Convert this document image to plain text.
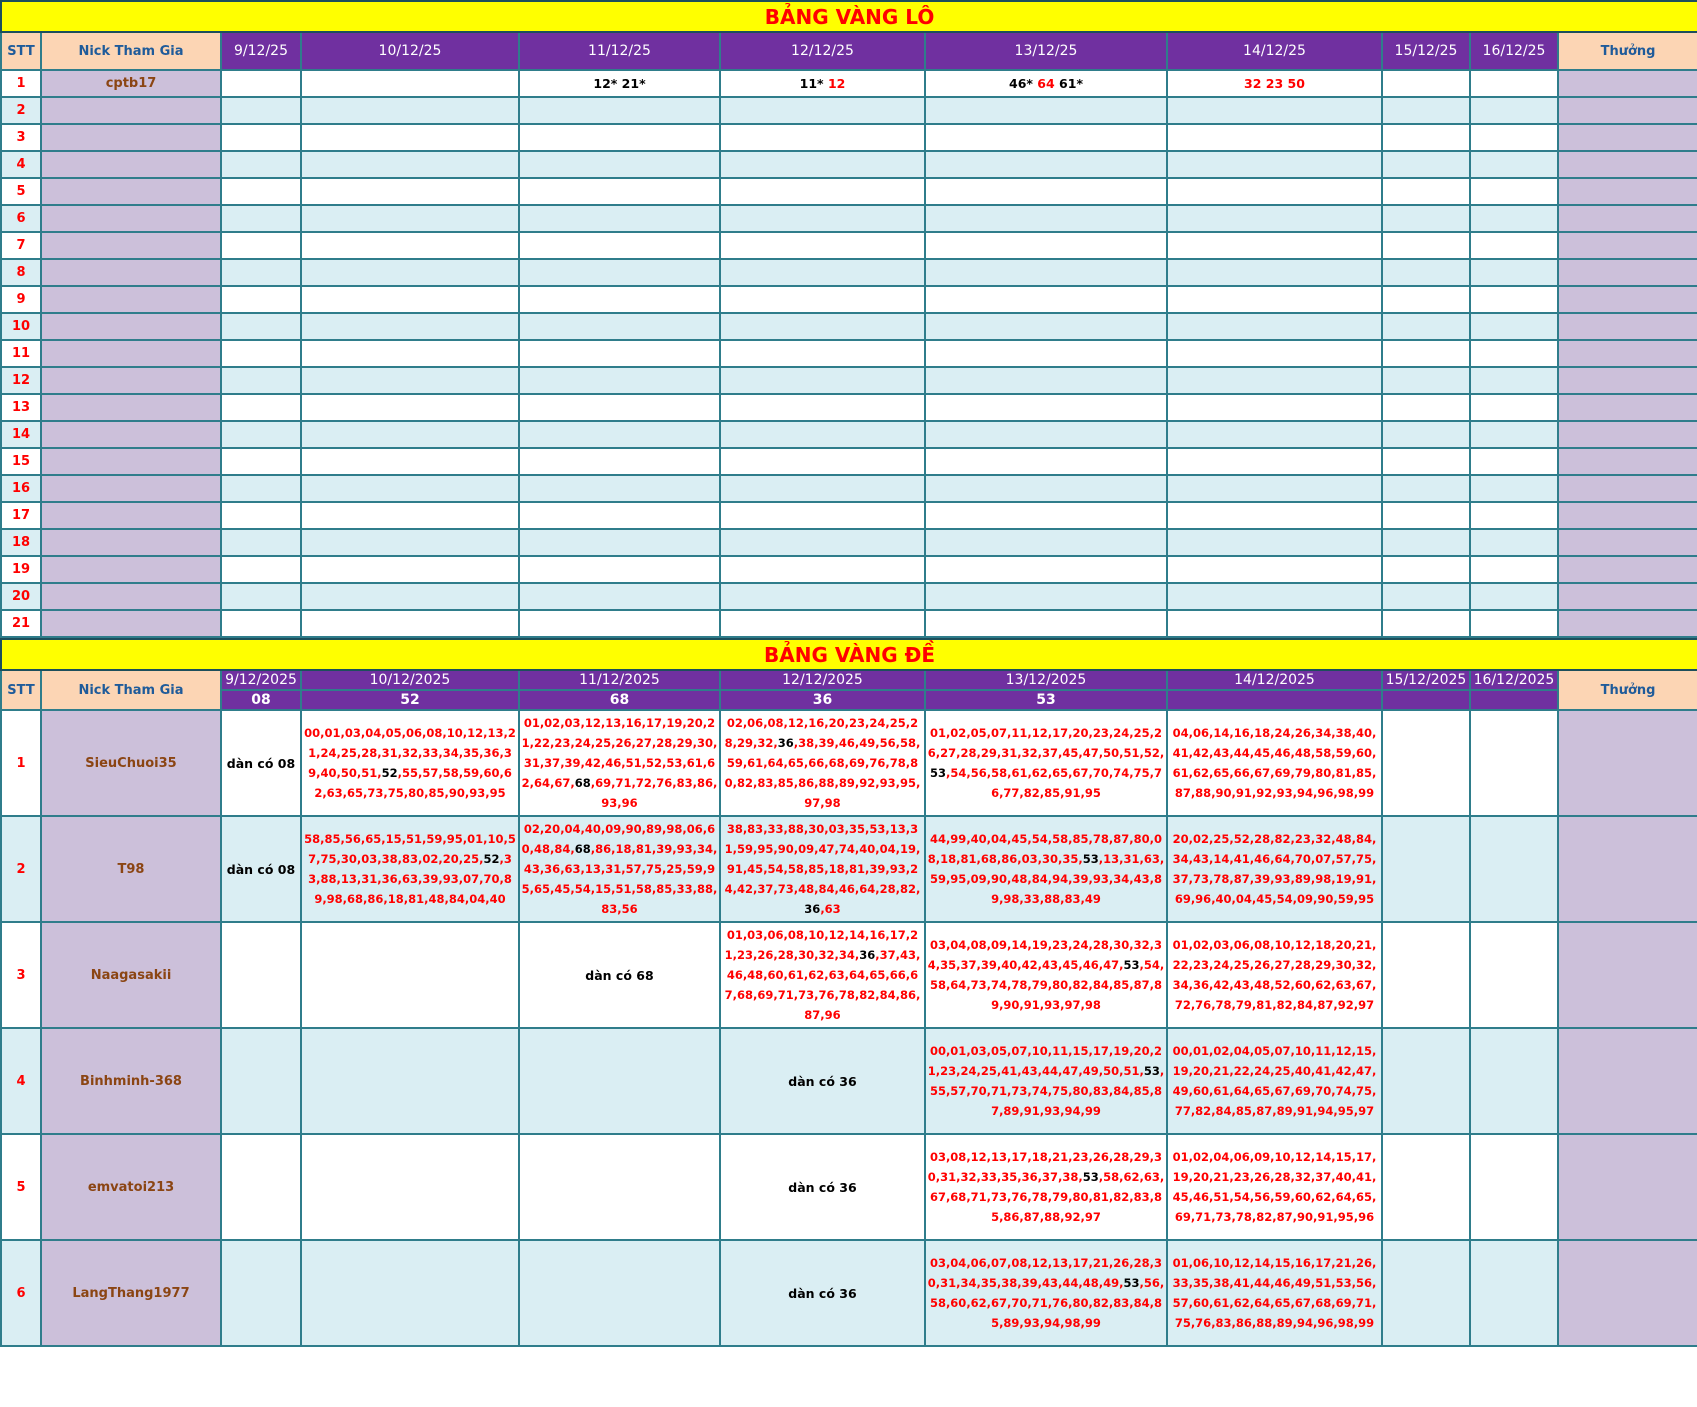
BẢNG VÀNG LÔ										
STT	Nick Tham Gia	9/12/25	10/12/25	11/12/25	12/12/25	13/12/25	14/12/25	15/12/25	16/12/25	Thưởng
1	cptb17			12* 21*	11* 12	46* 64 61*	32 23 50			
2										
3										
4										
5										
6										
7										
8										
9										
10										
11										
12										
13										
14										
15										
16										
17										
18										
19										
20										
21										
BẢNG VÀNG ĐỀ										
STT	Nick Tham Gia	9/12/2025	10/12/2025	11/12/2025	12/12/2025	13/12/2025	14/12/2025	15/12/2025	16/12/2025	Thưởng
		08	52	68	36	53				
1	SieuChuoi35	dàn có 08	00,01,03,04,05,06,08,10,12,13,21,24,25,28,31,32,33,34,35,36,39,40,50,51,52,55,57,58,59,60,62,63,65,73,75,80,85,90,93,95	01,02,03,12,13,16,17,19,20,21,22,23,24,25,26,27,28,29,30,31,37,39,42,46,51,52,53,61,62,64,67,68,69,71,72,76,83,86,93,96	02,06,08,12,16,20,23,24,25,28,29,32,36,38,39,46,49,56,58,59,61,64,65,66,68,69,76,78,80,82,83,85,86,88,89,92,93,95,97,98	01,02,05,07,11,12,17,20,23,24,25,26,27,28,29,31,32,37,45,47,50,51,52,53,54,56,58,61,62,65,67,70,74,75,76,77,82,85,91,95	04,06,14,16,18,24,26,34,38,40,41,42,43,44,45,46,48,58,59,60,61,62,65,66,67,69,79,80,81,85,87,88,90,91,92,93,94,96,98,99			
2	T98	dàn có 08	58,85,56,65,15,51,59,95,01,10,57,75,30,03,38,83,02,20,25,52,33,88,13,31,36,63,39,93,07,70,89,98,68,86,18,81,48,84,04,40	02,20,04,40,09,90,89,98,06,60,48,84,68,86,18,81,39,93,34,43,36,63,13,31,57,75,25,59,95,65,45,54,15,51,58,85,33,88,83,56	38,83,33,88,30,03,35,53,13,31,59,95,90,09,47,74,40,04,19,91,45,54,58,85,18,81,39,93,24,42,37,73,48,84,46,64,28,82,36,63	44,99,40,04,45,54,58,85,78,87,80,08,18,81,68,86,03,30,35,53,13,31,63,59,95,09,90,48,84,94,39,93,34,43,89,98,33,88,83,49	20,02,25,52,28,82,23,32,48,84,34,43,14,41,46,64,70,07,57,75,37,73,78,87,39,93,89,98,19,91,69,96,40,04,45,54,09,90,59,95			
3	Naagasakii			dàn có 68	01,03,06,08,10,12,14,16,17,21,23,26,28,30,32,34,36,37,43,46,48,60,61,62,63,64,65,66,67,68,69,71,73,76,78,82,84,86,87,96	03,04,08,09,14,19,23,24,28,30,32,34,35,37,39,40,42,43,45,46,47,53,54,58,64,73,74,78,79,80,82,84,85,87,89,90,91,93,97,98	01,02,03,06,08,10,12,18,20,21,22,23,24,25,26,27,28,29,30,32,34,36,42,43,48,52,60,62,63,67,72,76,78,79,81,82,84,87,92,97			
4	Binhminh-368				dàn có 36	00,01,03,05,07,10,11,15,17,19,20,21,23,24,25,41,43,44,47,49,50,51,53,55,57,70,71,73,74,75,80,83,84,85,87,89,91,93,94,99	00,01,02,04,05,07,10,11,12,15,19,20,21,22,24,25,40,41,42,47,49,60,61,64,65,67,69,70,74,75,77,82,84,85,87,89,91,94,95,97			
5	emvatoi213				dàn có 36	03,08,12,13,17,18,21,23,26,28,29,30,31,32,33,35,36,37,38,53,58,62,63,67,68,71,73,76,78,79,80,81,82,83,85,86,87,88,92,97	01,02,04,06,09,10,12,14,15,17,19,20,21,23,26,28,32,37,40,41,45,46,51,54,56,59,60,62,64,65,69,71,73,78,82,87,90,91,95,96			
6	LangThang1977				dàn có 36	03,04,06,07,08,12,13,17,21,26,28,30,31,34,35,38,39,43,44,48,49,53,56,58,60,62,67,70,71,76,80,82,83,84,85,89,93,94,98,99	01,06,10,12,14,15,16,17,21,26,33,35,38,41,44,46,49,51,53,56,57,60,61,62,64,65,67,68,69,71,75,76,83,86,88,89,94,96,98,99			
